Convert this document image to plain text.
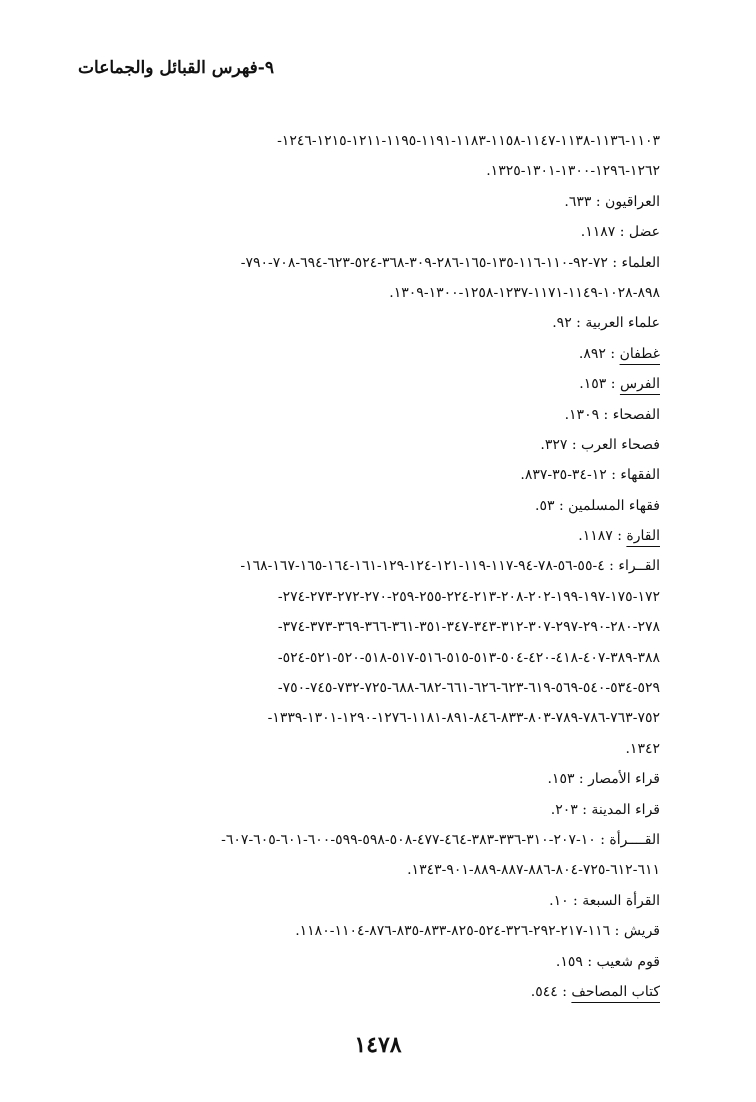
٩-فهرس القبائل والجماعات
١١٠٣-١١٣٦-١١٣٨-١١٤٧-١١٥٨-١١٨٣-١١٩١-١١٩٥-١٢١١-١٢١٥-١٢٤٦-
١٢٦٢-١٢٩٦-١٣٠٠-١٣٠١-١٣٢٥.
العراقيون : ٦٣٣.
عضل : ١١٨٧.
العلماء : ٧٢-٩٢-١١٠-١١٦-١٣٥-١٦٥-٢٨٦-٣٠٩-٣٦٨-٥٢٤-٦٢٣-٦٩٤-٧٠٨-٧٩٠-
٨٩٨-١٠٢٨-١١٤٩-١١٧١-١٢٣٧-١٢٥٨-١٣٠٠-١٣٠٩.
علماء العربية : ٩٢.
غطفان : ٨٩٢.
الفرس : ١٥٣.
الفصحاء : ١٣٠٩.
فصحاء العرب : ٣٢٧.
الفقهاء : ١٢-٣٤-٣٥-٨٣٧.
فقهاء المسلمين : ٥٣.
القارة : ١١٨٧.
القــراء : ٤-٥٥-٥٦-٧٨-٩٤-١١٧-١١٩-١٢١-١٢٤-١٢٩-١٦١-١٦٤-١٦٥-١٦٧-١٦٨-
١٧٢-١٧٥-١٩٧-١٩٩-٢٠٢-٢٠٨-٢١٣-٢٢٤-٢٥٥-٢٥٩-٢٧٠-٢٧٢-٢٧٣-٢٧٤-
٢٧٨-٢٨٠-٢٩٠-٢٩٧-٣٠٧-٣١٢-٣٤٣-٣٤٧-٣٥١-٣٦١-٣٦٦-٣٦٩-٣٧٣-٣٧٤-
٣٨٨-٣٨٩-٤٠٧-٤١٨-٤٢٠-٥٠٤-٥١٣-٥١٥-٥١٦-٥١٧-٥١٨-٥٢٠-٥٢١-٥٢٤-
٥٢٩-٥٣٤-٥٤٠-٥٦٩-٦١٩-٦٢٣-٦٢٦-٦٦١-٦٨٢-٦٨٨-٧٢٥-٧٣٢-٧٤٥-٧٥٠-
٧٥٢-٧٦٣-٧٨٦-٧٨٩-٨٠٣-٨٣٣-٨٤٦-٨٩١-١١٨١-١٢٧٦-١٢٩٠-١٣٠١-١٣٣٩-
١٣٤٢.
قراء الأمصار : ١٥٣.
قراء المدينة : ٢٠٣.
القــــرأة : ١٠-٢٠٧-٣١٠-٣٣٦-٣٨٣-٤٦٤-٤٧٧-٥٠٨-٥٩٨-٥٩٩-٦٠٠-٦٠١-٦٠٥-٦٠٧-
٦١١-٦١٢-٧٢٥-٨٠٤-٨٨٦-٨٨٧-٨٨٩-٩٠١-١٣٤٣.
القرأة السبعة : ١٠.
قريش : ١١٦-٢١٧-٢٩٢-٣٢٦-٥٢٤-٨٢٥-٨٣٣-٨٣٥-٨٧٦-١١٠٤-١١٨٠.
قوم شعيب : ١٥٩.
كتاب المصاحف : ٥٤٤.
١٤٧٨
